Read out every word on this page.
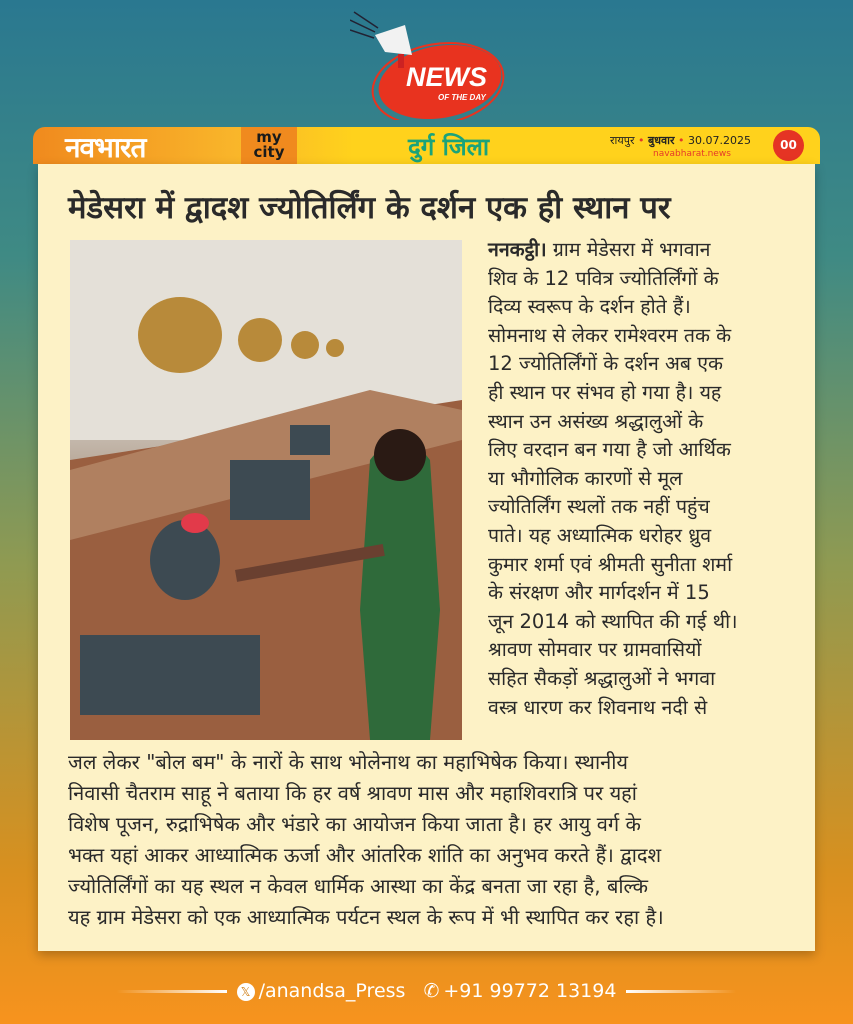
NEWS
OF THE DAY
नवभारत	my
city	दुर्ग जिला	रायपुर • बुधवार • 30.07.2025
navabharat.news
00
मेडेसरा में द्वादश ज्योतिर्लिंग के दर्शन एक ही स्थान पर
ननकट्ठी। ग्राम मेडेसरा में भगवान
शिव के 12 पवित्र ज्योतिर्लिंगों के
दिव्य स्वरूप के दर्शन होते हैं।
सोमनाथ से लेकर रामेश्वरम तक के
12 ज्योतिर्लिंगों के दर्शन अब एक
ही स्थान पर संभव हो गया है। यह
स्थान उन असंख्य श्रद्धालुओं के
लिए वरदान बन गया है जो आर्थिक
या भौगोलिक कारणों से मूल
ज्योतिर्लिंग स्थलों तक नहीं पहुंच
पाते। यह अध्यात्मिक धरोहर ध्रुव
कुमार शर्मा एवं श्रीमती सुनीता शर्मा
के संरक्षण और मार्गदर्शन में 15
जून 2014 को स्थापित की गई थी।
श्रावण सोमवार पर ग्रामवासियों
सहित सैकड़ों श्रद्धालुओं ने भगवा
वस्त्र धारण कर शिवनाथ नदी से
जल लेकर "बोल बम" के नारों के साथ भोलेनाथ का महाभिषेक किया। स्थानीय
निवासी चैतराम साहू ने बताया कि हर वर्ष श्रावण मास और महाशिवरात्रि पर यहां
विशेष पूजन, रुद्राभिषेक और भंडारे का आयोजन किया जाता है। हर आयु वर्ग के
भक्त यहां आकर आध्यात्मिक ऊर्जा और आंतरिक शांति का अनुभव करते हैं। द्वादश
ज्योतिर्लिंगों का यह स्थल न केवल धार्मिक आस्था का केंद्र बनता जा रहा है, बल्कि
यह ग्राम मेडेसरा को एक आध्यात्मिक पर्यटन स्थल के रूप में भी स्थापित कर रहा है।
𝕏 /anandsa_Press ✆ +91 99772 13194
